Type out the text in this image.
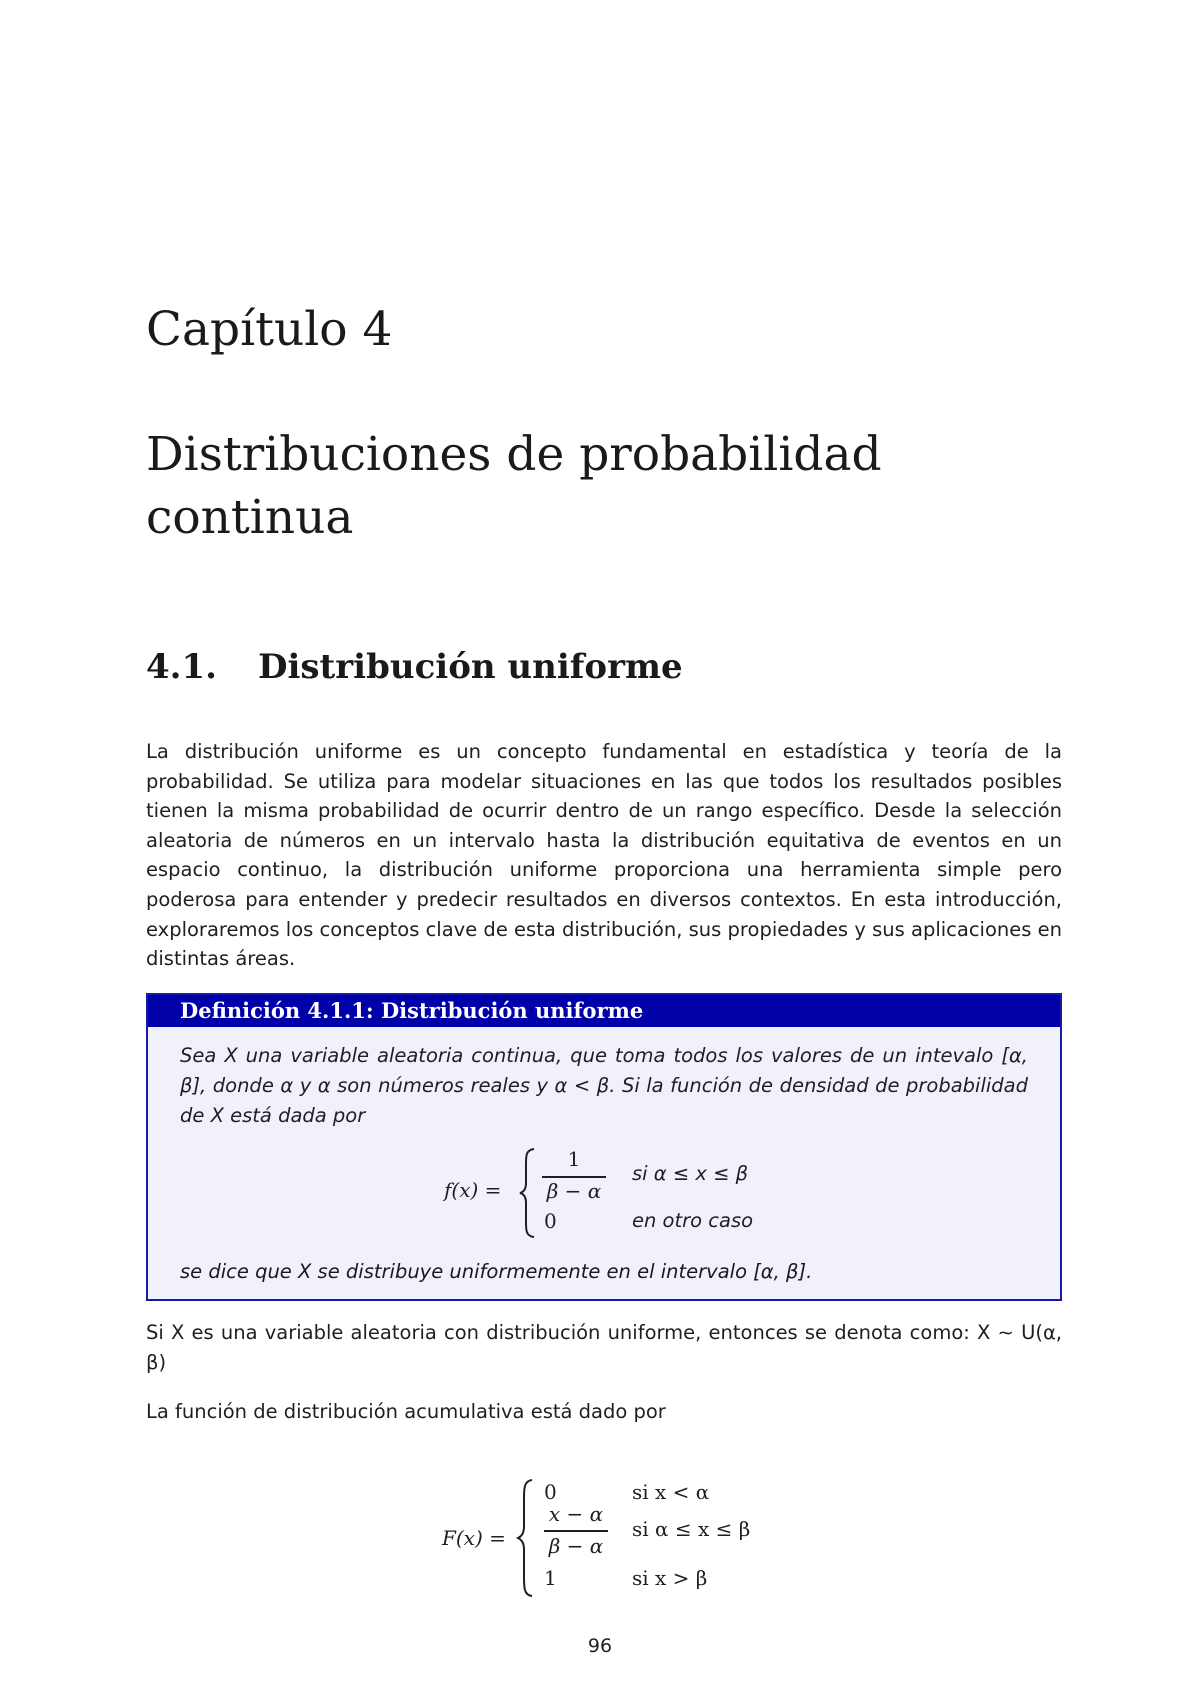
Capítulo 4
Distribuciones de probabilidad
continua
4.1. Distribución uniforme

La distribución uniforme es un concepto fundamental en estadística y teoría de la probabilidad. Se utiliza para modelar situaciones en las que todos los resultados posibles tienen la misma probabilidad de ocurrir dentro de un rango específico. Desde la selección aleatoria de números en un intervalo hasta la distribución equitativa de eventos en un espacio continuo, la distribución uniforme proporciona una herramienta simple pero poderosa para entender y predecir resultados en diversos contextos. En esta introducción, exploraremos los conceptos clave de esta distribución, sus propiedades y sus aplicaciones en distintas áreas.

Definición 4.1.1: Distribución uniforme

Sea X una variable aleatoria continua, que toma todos los valores de un intevalo [α, β], donde α y α son números reales y α < β. Si la función de densidad de probabilidad de X está dada por

f(x) =
1
β − α
si α ≤ x ≤ β
0	en otro caso

se dice que X se distribuye uniformemente en el intervalo [α, β].

Si X es una variable aleatoria con distribución uniforme, entonces se denota como: X ∼ U(α, β)

La función de distribución acumulativa está dado por

F(x) =
0	si x < α
x − α
β − α
si α ≤ x ≤ β
1	si x > β
96
